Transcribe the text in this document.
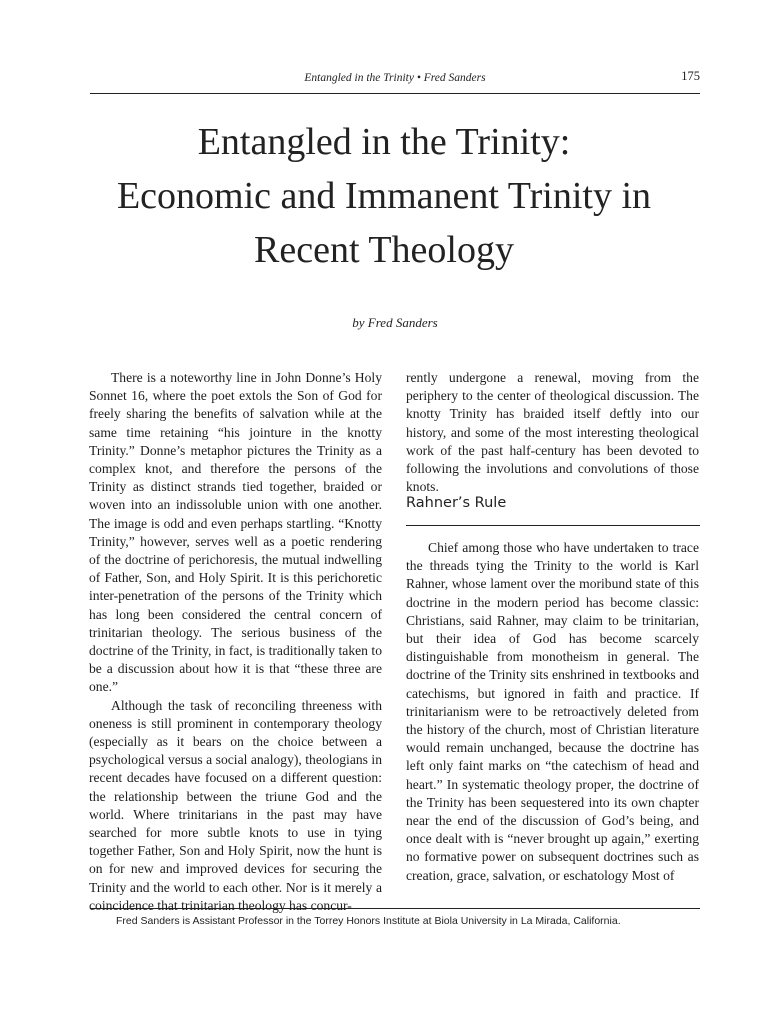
Entangled in the Trinity • Fred Sanders	175
Entangled in the Trinity:
Economic and Immanent Trinity in
Recent Theology
by Fred Sanders

There is a noteworthy line in John Donne’s Holy Sonnet 16, where the poet extols the Son of God for freely sharing the benefits of salvation while at the same time retaining “his jointure in the knotty Trinity.” Donne’s metaphor pictures the Trinity as a complex knot, and therefore the persons of the Trinity as distinct strands tied together, braided or woven into an indissoluble union with one another. The image is odd and even perhaps startling. “Knotty Trinity,” however, serves well as a poetic rendering of the doctrine of perichoresis, the mutual indwelling of Father, Son, and Holy Spirit. It is this perichoretic inter-penetration of the persons of the Trinity which has long been considered the central concern of trinitarian theology. The serious business of the doctrine of the Trinity, in fact, is traditionally taken to be a discussion about how it is that “these three are one.”

Although the task of reconciling threeness with oneness is still prominent in contemporary theology (especially as it bears on the choice between a psychological versus a social analogy), theologians in recent decades have focused on a different question: the relationship between the triune God and the world. Where trinitarians in the past may have searched for more subtle knots to use in tying together Father, Son and Holy Spirit, now the hunt is on for new and improved devices for securing the Trinity and the world to each other. Nor is it merely a coincidence that trinitarian theology has concur-

rently undergone a renewal, moving from the periphery to the center of theological discussion. The knotty Trinity has braided itself deftly into our history, and some of the most interesting theological work of the past half-century has been devoted to following the involutions and convolutions of those knots.

Rahner’s Rule

Chief among those who have undertaken to trace the threads tying the Trinity to the world is Karl Rahner, whose lament over the moribund state of this doctrine in the modern period has become classic: Christians, said Rahner, may claim to be trinitarian, but their idea of God has become scarcely distinguishable from monotheism in general. The doctrine of the Trinity sits enshrined in textbooks and catechisms, but ignored in faith and practice. If trinitarianism were to be retroactively deleted from the history of the church, most of Christian literature would remain unchanged, because the doctrine has left only faint marks on “the catechism of head and heart.” In systematic theology proper, the doctrine of the Trinity has been sequestered into its own chapter near the end of the discussion of God’s being, and once dealt with is “never brought up again,” exerting no formative power on subsequent doctrines such as creation, grace, salvation, or eschatology Most of

Fred Sanders is Assistant Professor in the Torrey Honors Institute at Biola University in La Mirada, California.
